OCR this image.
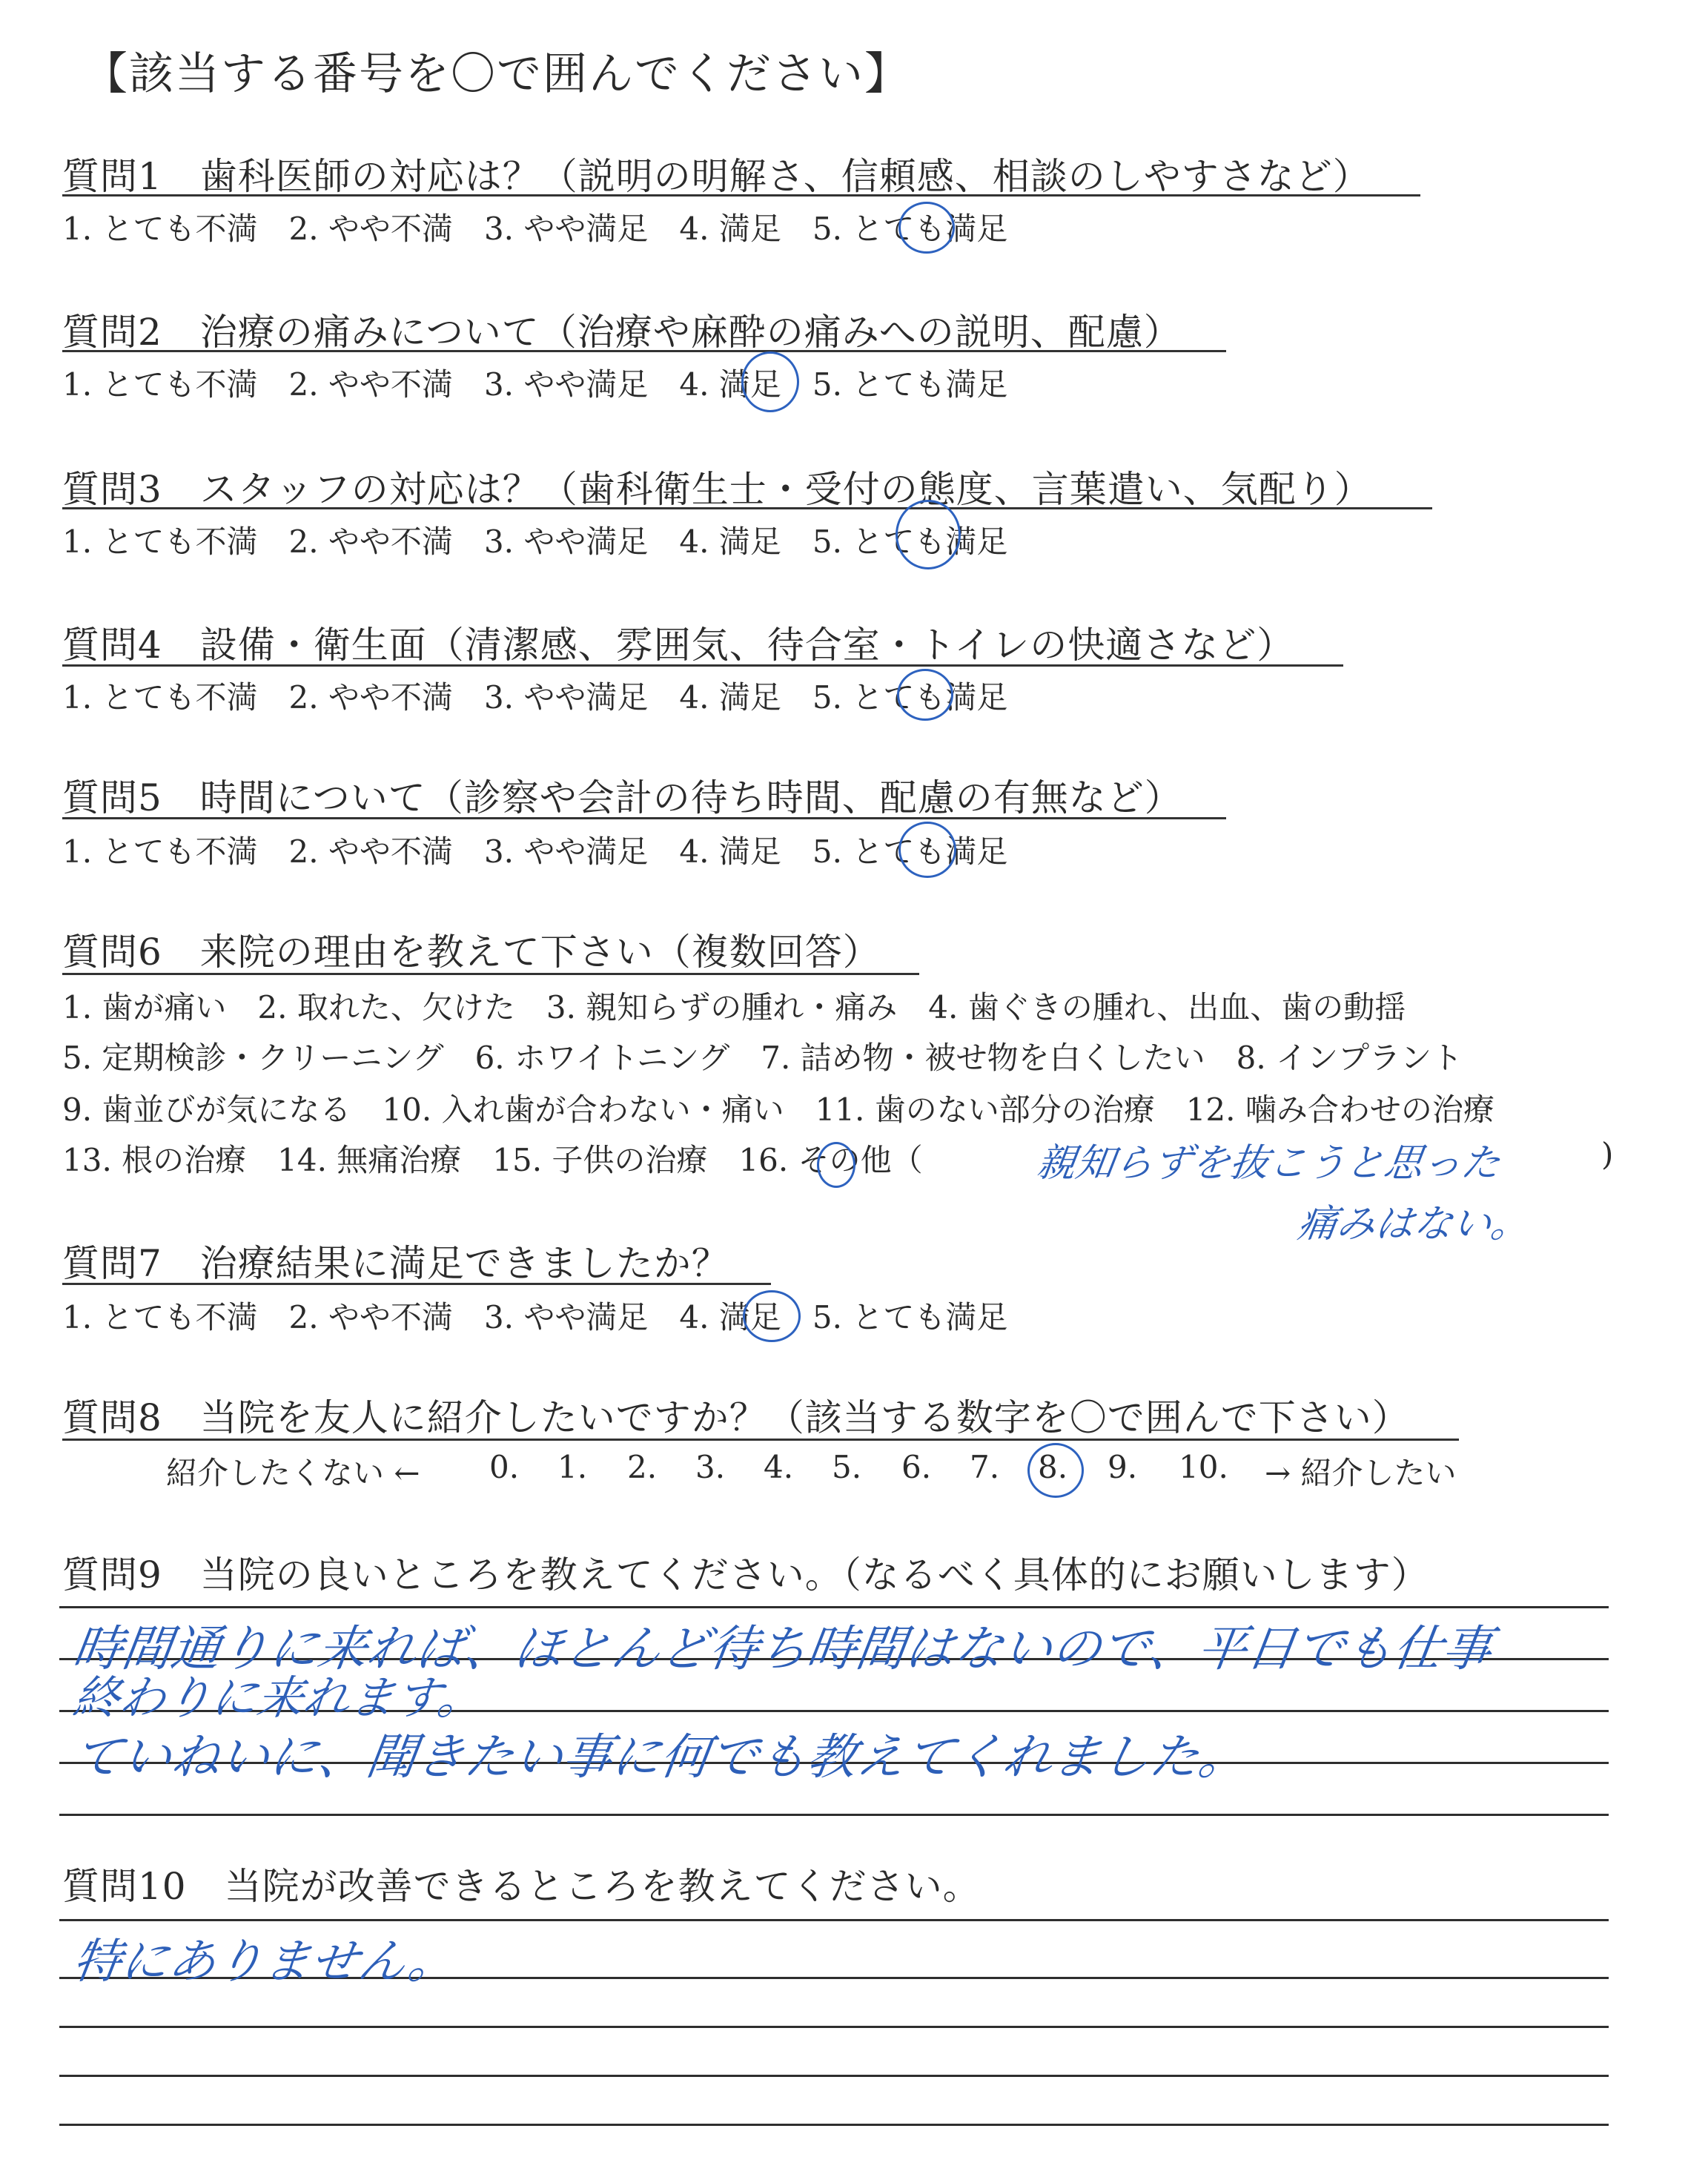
【該当する番号を〇で囲んでください】
質問1　歯科医師の対応は？（説明の明解さ、信頼感、相談のしやすさなど）
1. とても不満　 2. やや不満　 3. やや満足　 4. 満足　 5. とても満足
質問2　治療の痛みについて（治療や麻酔の痛みへの説明、配慮）
1. とても不満　 2. やや不満　 3. やや満足　 4. 満足　 5. とても満足
質問3　スタッフの対応は？（歯科衛生士・受付の態度、言葉遣い、気配り）
1. とても不満　 2. やや不満　 3. やや満足　 4. 満足　 5. とても満足
質問4　設備・衛生面（清潔感、雰囲気、待合室・トイレの快適さなど）
1. とても不満　 2. やや不満　 3. やや満足　 4. 満足　 5. とても満足
質問5　時間について（診察や会計の待ち時間、配慮の有無など）
1. とても不満　 2. やや不満　 3. やや満足　 4. 満足　 5. とても満足
質問6　来院の理由を教えて下さい（複数回答）
1. 歯が痛い　2. 取れた、欠けた　3. 親知らずの腫れ・痛み　4. 歯ぐきの腫れ、出血、歯の動揺
5. 定期検診・クリーニング　6. ホワイトニング　7. 詰め物・被せ物を白くしたい　8. インプラント
9. 歯並びが気になる　10. 入れ歯が合わない・痛い　11. 歯のない部分の治療　12. 噛み合わせの治療
13. 根の治療　14. 無痛治療　15. 子供の治療　 16. その他（	)
親知らずを抜こうと思った
痛みはない。
質問7　治療結果に満足できましたか？
1. とても不満　 2. やや不満　 3. やや満足　 4. 満足　 5. とても満足
質問8　当院を友人に紹介したいですか？（該当する数字を〇で囲んで下さい）
紹介したくない ← 0. 1. 2. 3. 4. 5. 6. 7. 8. 9. 10. → 紹介したい
質問9　当院の良いところを教えてください。（なるべく具体的にお願いします）
時間通りに来れば、ほとんど待ち時間はないので、平日でも仕事
終わりに来れます。
ていねいに、聞きたい事に何でも教えてくれました。
質問10　当院が改善できるところを教えてください。
特にありません。
